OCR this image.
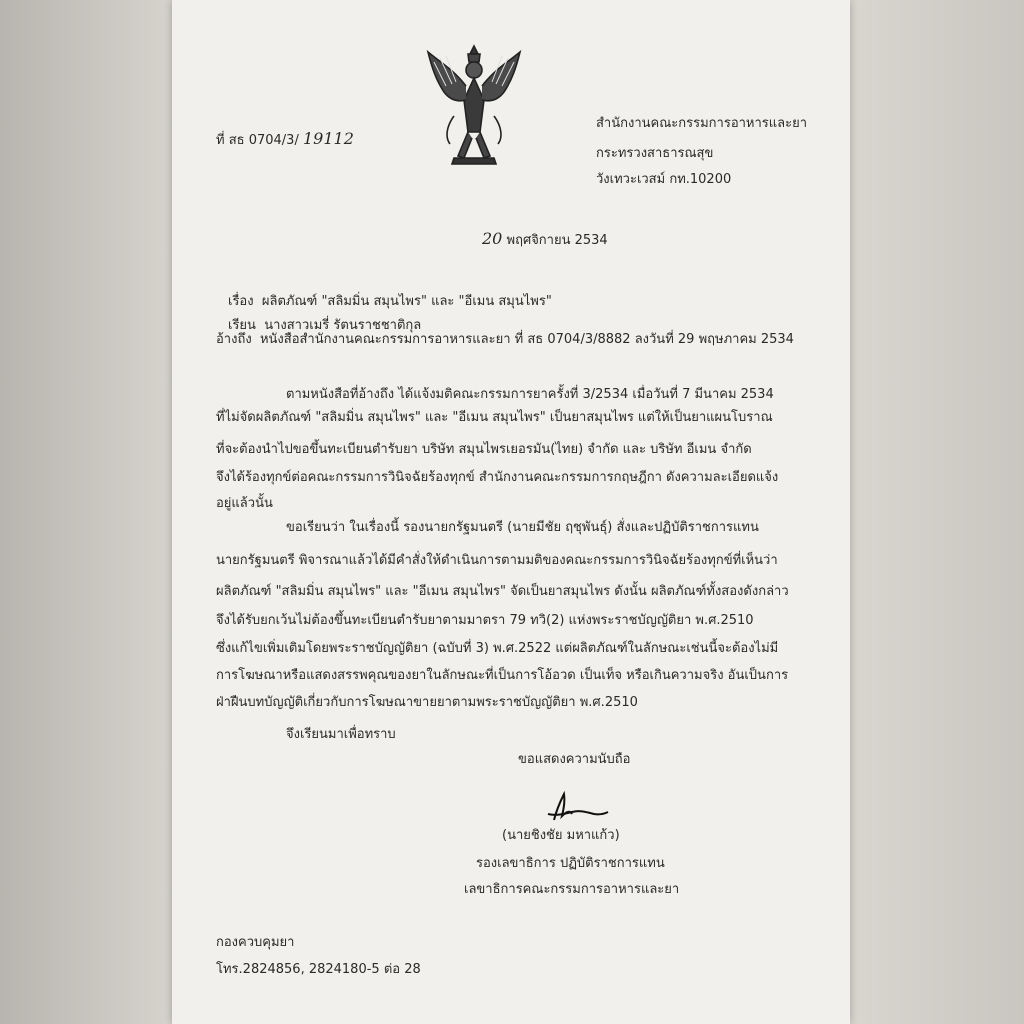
ที่ สธ 0704/3/ 19112
สำนักงานคณะกรรมการอาหารและยา
กระทรวงสาธารณสุข
วังเทวะเวสม์ กท.10200
20 พฤศจิกายน 2534
เรื่อง ผลิตภัณฑ์ "สลิมมิ่น สมุนไพร" และ "อีเมน สมุนไพร"
เรียน นางสาวเมรี่ รัตนราชชาติกุล
อ้างถึง หนังสือสำนักงานคณะกรรมการอาหารและยา ที่ สธ 0704/3/8882 ลงวันที่ 29 พฤษภาคม 2534
ตามหนังสือที่อ้างถึง ได้แจ้งมติคณะกรรมการยาครั้งที่ 3/2534 เมื่อวันที่ 7 มีนาคม 2534
ที่ไม่จัดผลิตภัณฑ์ "สลิมมิ่น สมุนไพร" และ "อีเมน สมุนไพร" เป็นยาสมุนไพร แต่ให้เป็นยาแผนโบราณ
ที่จะต้องนำไปขอขึ้นทะเบียนตำรับยา บริษัท สมุนไพรเยอรมัน(ไทย) จำกัด และ บริษัท อีเมน จำกัด
จึงได้ร้องทุกข์ต่อคณะกรรมการวินิจฉัยร้องทุกข์ สำนักงานคณะกรรมการกฤษฎีกา ดังความละเอียดแจ้ง
อยู่แล้วนั้น
ขอเรียนว่า ในเรื่องนี้ รองนายกรัฐมนตรี (นายมีชัย ฤชุพันธุ์) สั่งและปฏิบัติราชการแทน
นายกรัฐมนตรี พิจารณาแล้วได้มีคำสั่งให้ดำเนินการตามมติของคณะกรรมการวินิจฉัยร้องทุกข์ที่เห็นว่า
ผลิตภัณฑ์ "สลิมมิ่น สมุนไพร" และ "อีเมน สมุนไพร" จัดเป็นยาสมุนไพร ดังนั้น ผลิตภัณฑ์ทั้งสองดังกล่าว
จึงได้รับยกเว้นไม่ต้องขึ้นทะเบียนตำรับยาตามมาตรา 79 ทวิ(2) แห่งพระราชบัญญัติยา พ.ศ.2510
ซึ่งแก้ไขเพิ่มเติมโดยพระราชบัญญัติยา (ฉบับที่ 3) พ.ศ.2522 แต่ผลิตภัณฑ์ในลักษณะเช่นนี้จะต้องไม่มี
การโฆษณาหรือแสดงสรรพคุณของยาในลักษณะที่เป็นการโอ้อวด เป็นเท็จ หรือเกินความจริง อันเป็นการ
ฝ่าฝืนบทบัญญัติเกี่ยวกับการโฆษณาขายยาตามพระราชบัญญัติยา พ.ศ.2510
จึงเรียนมาเพื่อทราบ
ขอแสดงความนับถือ
(นายชิงชัย มหาแก้ว)
รองเลขาธิการ ปฏิบัติราชการแทน
เลขาธิการคณะกรรมการอาหารและยา
กองควบคุมยา
โทร.2824856, 2824180-5 ต่อ 28
